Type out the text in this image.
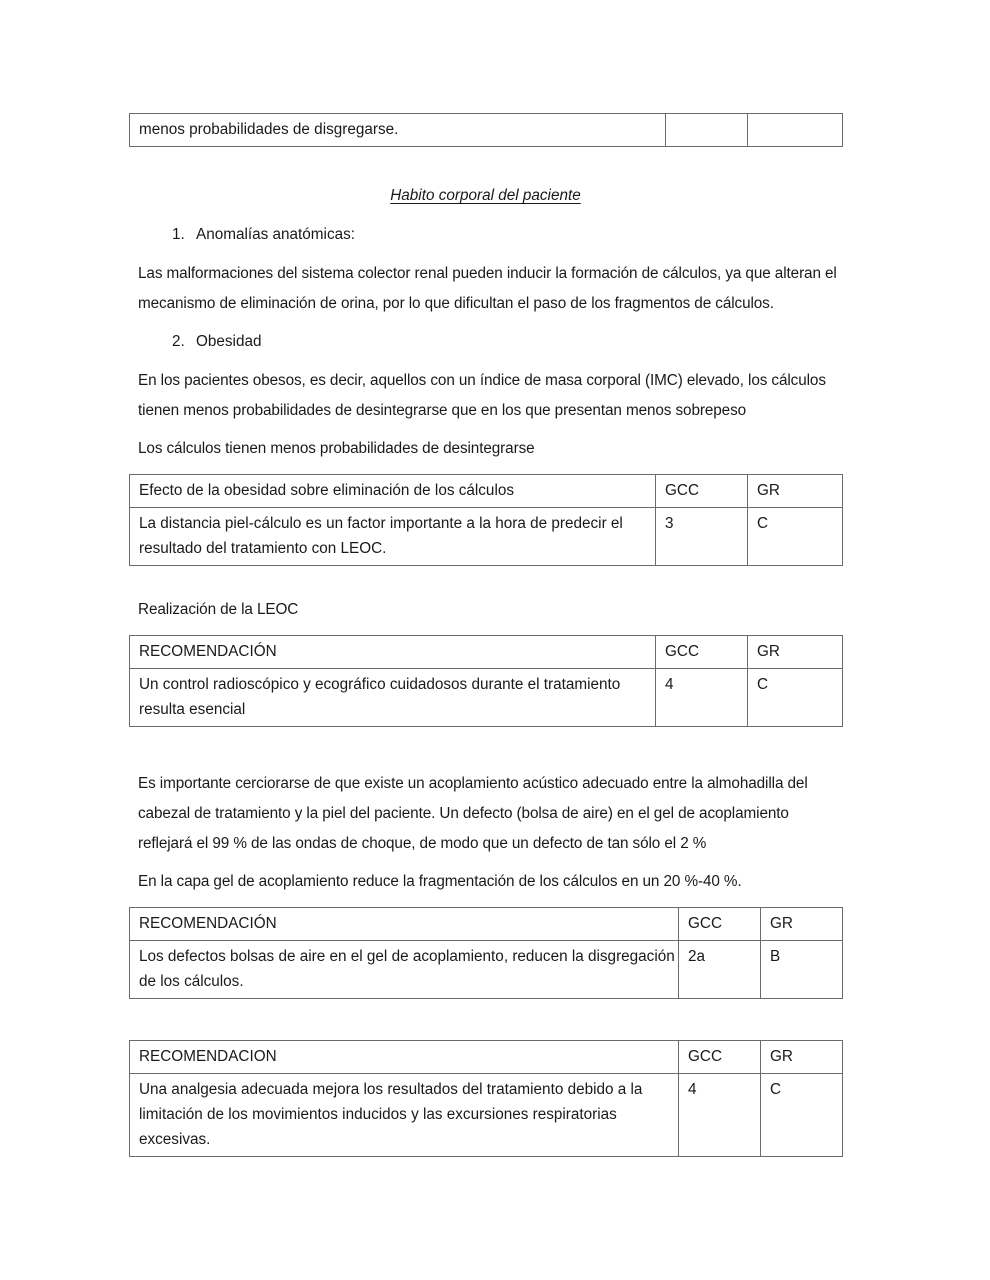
menos probabilidades de disgregarse.		

Habito corporal del paciente

1. Anomalías anatómicas:

Las malformaciones del sistema colector renal pueden inducir la formación de cálculos, ya que alteran el mecanismo de eliminación de orina, por lo que dificultan el paso de los fragmentos de cálculos.

2. Obesidad

En los pacientes obesos, es decir, aquellos con un índice de masa corporal (IMC) elevado, los cálculos tienen menos probabilidades de desintegrarse que en los que presentan menos sobrepeso

Los cálculos tienen menos probabilidades de desintegrarse

Efecto de la obesidad sobre eliminación de los cálculos	GCC	GR
La distancia piel-cálculo es un factor importante a la hora de predecir el resultado del tratamiento con LEOC.	3	C

Realización de la LEOC

RECOMENDACIÓN	GCC	GR
Un control radioscópico y ecográfico cuidadosos durante el tratamiento resulta esencial	4	C

Es importante cerciorarse de que existe un acoplamiento acústico adecuado entre la almohadilla del cabezal de tratamiento y la piel del paciente. Un defecto (bolsa de aire) en el gel de acoplamiento reflejará el 99 % de las ondas de choque, de modo que un defecto de tan sólo el 2 %

En la capa gel de acoplamiento reduce la fragmentación de los cálculos en un 20 %-40 %.

RECOMENDACIÓN	GCC	GR
Los defectos bolsas de aire en el gel de acoplamiento, reducen la disgregación de los cálculos.	2a	B
RECOMENDACION	GCC	GR
Una analgesia adecuada mejora los resultados del tratamiento debido a la limitación de los movimientos inducidos y las excursiones respiratorias excesivas.	4	C
